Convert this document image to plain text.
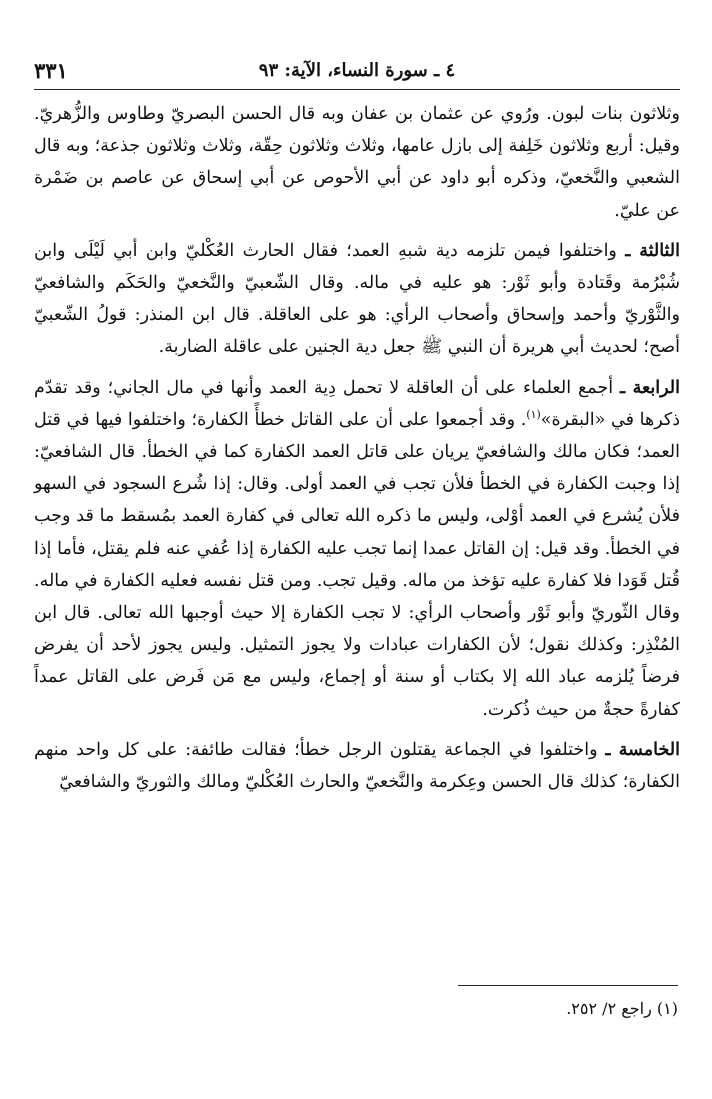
٣٣١	٤ ـ سورة النساء، الآية: ٩٣

وثلاثون بنات لبون. ورُوي عن عثمان بن عفان وبه قال الحسن البصريّ وطاوس والزُّهريّ. وقيل: أربع وثلاثون خَلِفة إلى بازل عامها، وثلاث وثلاثون حِقّة، وثلاث وثلاثون جذعة؛ وبه قال الشعبي والنَّخعيّ، وذكره أبو داود عن أبي الأحوص عن أبي إسحاق عن عاصم بن ضَمْرة عن عليّ.

الثالثة ـ واختلفوا فيمن تلزمه دية شبهِ العمد؛ فقال الحارث العُكْليّ وابن أبي لَيْلَى وابن شُبْرُمة وقَتادة وأبو ثَوْر: هو عليه في ماله. وقال الشّعبيّ والنَّخعيّ والحَكَم والشافعيّ والثَّوْريّ وأحمد وإسحاق وأصحاب الرأي: هو على العاقلة. قال ابن المنذر: قولُ الشّعبيّ أصح؛ لحديث أبي هريرة أن النبي ﷺ جعل دية الجنين على عاقلة الضاربة.

الرابعة ـ أجمع العلماء على أن العاقلة لا تحمل دِية العمد وأنها في مال الجاني؛ وقد تقدّم ذكرها في «البقرة»$^{(١)}$. وقد أجمعوا على أن على القاتل خطأً الكفارة؛ واختلفوا فيها في قتل العمد؛ فكان مالك والشافعيّ يريان على قاتل العمد الكفارة كما في الخطأ. قال الشافعيّ: إذا وجبت الكفارة في الخطأ فلأن تجب في العمد أولى. وقال: إذا شُرع السجود في السهو فلأن يُشرع في العمد أوْلى، وليس ما ذكره الله تعالى في كفارة العمد بمُسقط ما قد وجب في الخطأ. وقد قيل: إن القاتل عمدا إنما تجب عليه الكفارة إذا عُفي عنه فلم يقتل، فأما إذا قُتل قَوَدا فلا كفارة عليه تؤخذ من ماله. وقيل تجب. ومن قتل نفسه فعليه الكفارة في ماله. وقال الثّوريّ وأبو ثَوْر وأصحاب الرأي: لا تجب الكفارة إلا حيث أوجبها الله تعالى. قال ابن المُنْذِر: وكذلك نقول؛ لأن الكفارات عبادات ولا يجوز التمثيل. وليس يجوز لأحد أن يفرض فرضاً يُلزمه عباد الله إلا بكتاب أو سنة أو إجماع، وليس مع مَن فَرض على القاتل عمداً كفارةً حجةٌ من حيث ذُكرت.

الخامسة ـ واختلفوا في الجماعة يقتلون الرجل خطأ؛ فقالت طائفة: على كل واحد منهم الكفارة؛ كذلك قال الحسن وعِكرمة والنَّخعيّ والحارث العُكْليّ ومالك والثوريّ والشافعيّ

(١) راجع ٢/ ٢٥٢.
